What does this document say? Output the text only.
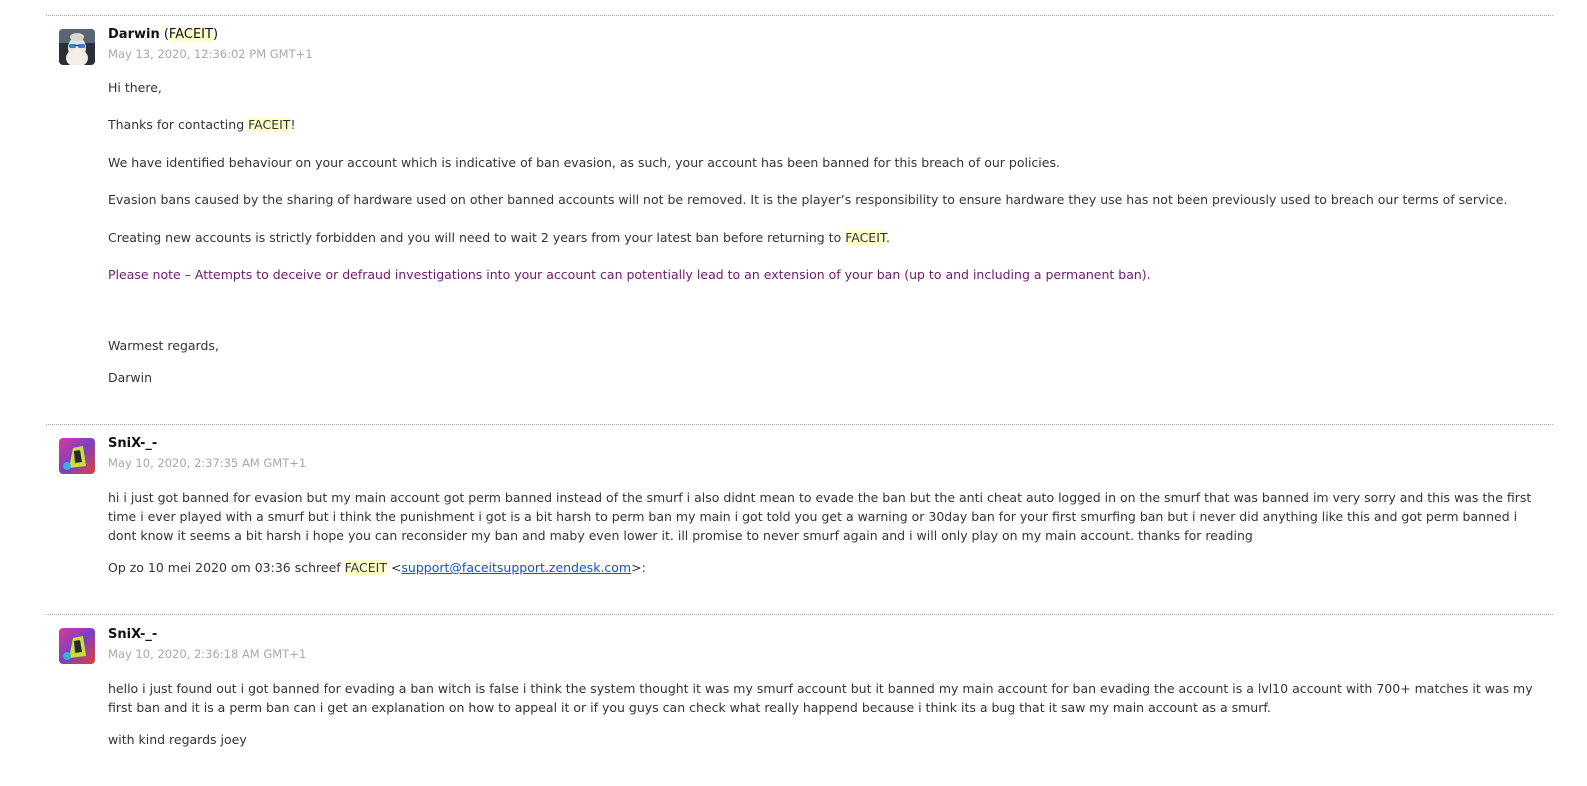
Darwin (FACEIT)
May 13, 2020, 12:36:02 PM GMT+1
Hi there,
Thanks for contacting FACEIT!
We have identified behaviour on your account which is indicative of ban evasion, as such, your account has been banned for this breach of our policies.
Evasion bans caused by the sharing of hardware used on other banned accounts will not be removed. It is the player’s responsibility to ensure hardware they use has not been previously used to breach our terms of service.
Creating new accounts is strictly forbidden and you will need to wait 2 years from your latest ban before returning to FACEIT.
Please note – Attempts to deceive or defraud investigations into your account can potentially lead to an extension of your ban (up to and including a permanent ban).
Warmest regards,
Darwin
SniX-_-
May 10, 2020, 2:37:35 AM GMT+1
hi i just got banned for evasion but my main account got perm banned instead of the smurf i also didnt mean to evade the ban but the anti cheat auto logged in on the smurf that was banned im very sorry and this was the first time i ever played with a smurf but i think the punishment i got is a bit harsh to perm ban my main i got told you get a warning or 30day ban for your first smurfing ban but i never did anything like this and got perm banned i dont know it seems a bit harsh i hope you can reconsider my ban and maby even lower it. ill promise to never smurf again and i will only play on my main account. thanks for reading
Op zo 10 mei 2020 om 03:36 schreef FACEIT <support@faceitsupport.zendesk.com>:
SniX-_-
May 10, 2020, 2:36:18 AM GMT+1
hello i just found out i got banned for evading a ban witch is false i think the system thought it was my smurf account but it banned my main account for ban evading the account is a lvl10 account with 700+ matches it was my first ban and it is a perm ban can i get an explanation on how to appeal it or if you guys can check what really happend because i think its a bug that it saw my main account as a smurf.
with kind regards joey
